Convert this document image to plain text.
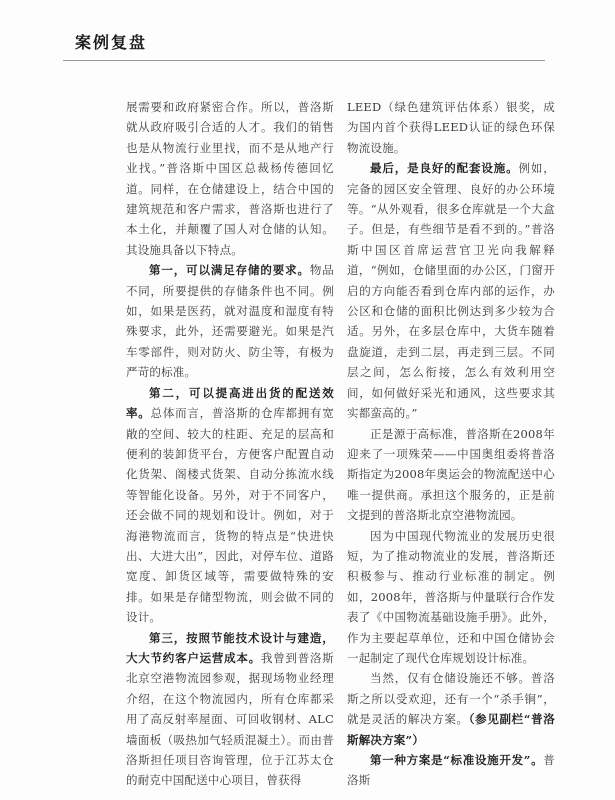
案例复盘

展需要和政府紧密合作。所以，普洛斯就从政府吸引合适的人才。我们的销售也是从物流行业里找，而不是从地产行业找。”普洛斯中国区总裁杨传德回忆道。同样，在仓储建设上，结合中国的建筑规范和客户需求，普洛斯也进行了本土化，并颠覆了国人对仓储的认知。其设施具备以下特点。

第一，可以满足存储的要求。物品不同，所要提供的存储条件也不同。例如，如果是医药，就对温度和湿度有特殊要求，此外，还需要避光。如果是汽车零部件，则对防火、防尘等，有极为严苛的标准。

第二，可以提高进出货的配送效率。总体而言，普洛斯的仓库都拥有宽敞的空间、较大的柱距、充足的层高和便利的装卸货平台，方便客户配置自动化货架、阁楼式货架、自动分拣流水线等智能化设备。另外，对于不同客户，还会做不同的规划和设计。例如，对于海港物流而言，货物的特点是“快进快出、大进大出”，因此，对停车位、道路宽度、卸货区域等，需要做特殊的安排。如果是存储型物流，则会做不同的设计。

第三，按照节能技术设计与建造，大大节约客户运营成本。我曾到普洛斯北京空港物流园参观，据现场物业经理介绍，在这个物流园内，所有仓库都采用了高反射率屋面、可回收钢材、ALC墙面板（吸热加气轻质混凝土）。而由普洛斯担任项目咨询管理，位于江苏太仓的耐克中国配送中心项目，曾获得

LEED（绿色建筑评估体系）银奖，成为国内首个获得LEED认证的绿色环保物流设施。

最后，是良好的配套设施。例如，完备的园区安全管理、良好的办公环境等。“从外观看，很多仓库就是一个大盒子。但是，有些细节是看不到的。”普洛斯中国区首席运营官卫光向我解释道，“例如，仓储里面的办公区，门窗开启的方向能否看到仓库内部的运作，办公区和仓储的面积比例达到多少较为合适。另外，在多层仓库中，大货车随着盘旋道，走到二层，再走到三层。不同层之间，怎么衔接，怎么有效利用空间，如何做好采光和通风，这些要求其实都蛮高的。”

正是源于高标准，普洛斯在2008年迎来了一项殊荣——中国奥组委将普洛斯指定为2008年奥运会的物流配送中心唯一提供商。承担这个服务的，正是前文提到的普洛斯北京空港物流园。

因为中国现代物流业的发展历史很短，为了推动物流业的发展，普洛斯还积极参与、推动行业标准的制定。例如，2008年，普洛斯与仲量联行合作发表了《中国物流基础设施手册》。此外，作为主要起草单位，还和中国仓储协会一起制定了现代仓库规划设计标准。

当然，仅有仓储设施还不够。普洛斯之所以受欢迎，还有一个“杀手锏”，就是灵活的解决方案。（参见副栏“普洛斯解决方案”）

第一种方案是“标准设施开发”。普洛斯
